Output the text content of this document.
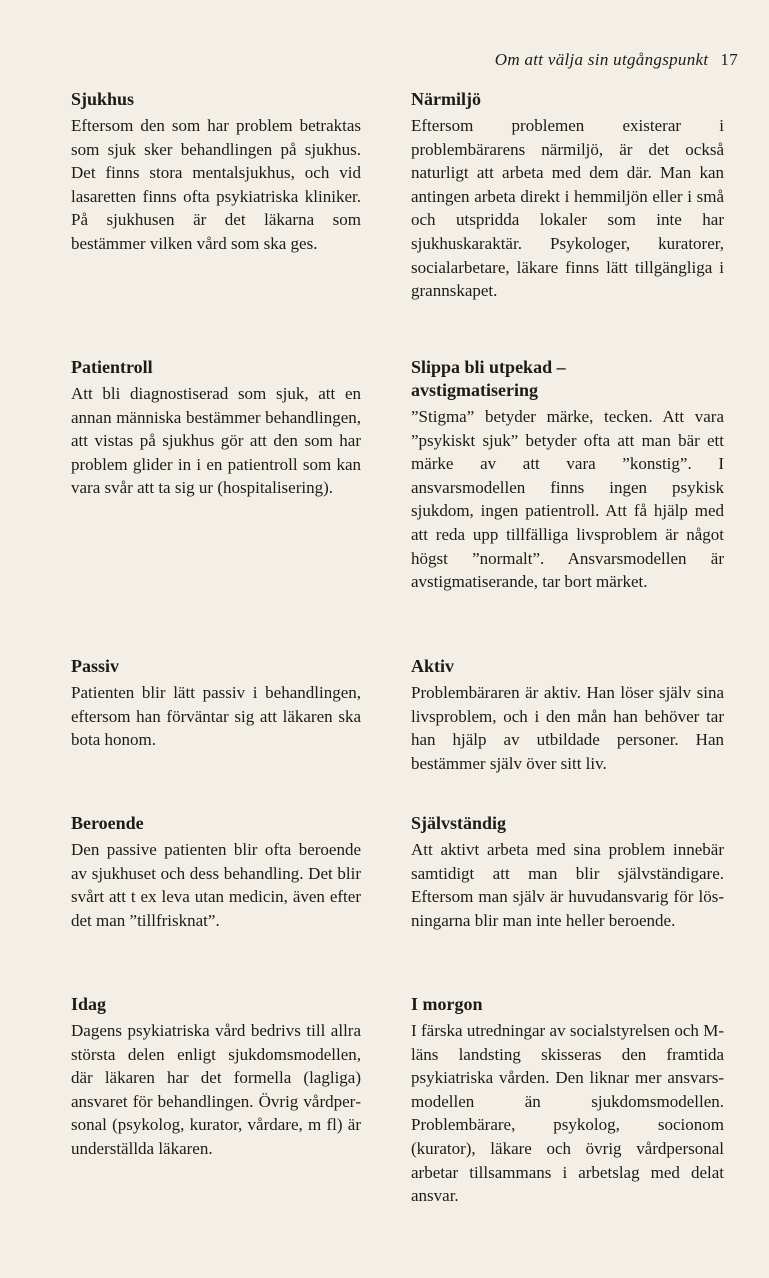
Om att välja sin utgångspunkt 17
Sjukhus

Eftersom den som har problem betraktas som sjuk sker behandlingen på sjukhus. Det finns stora mentalsjukhus, och vid lasaretten finns ofta psykiatriska kliniker. På sjukhusen är det läkarna som bestämmer vilken vård som ska ges.

Patientroll

Att bli diagnostiserad som sjuk, att en annan människa bestämmer behandlingen, att vistas på sjukhus gör att den som har problem glider in i en patientroll som kan vara svår att ta sig ur (hospitalisering).

Passiv

Patienten blir lätt passiv i behandlingen, eftersom han förväntar sig att läkaren ska bota honom.

Beroende

Den passive patienten blir ofta beroende av sjukhuset och dess behandling. Det blir svårt att t ex leva utan medicin, även efter det man ”tillfrisknat”.

Idag

Dagens psykiatriska vård bedrivs till allra största delen enligt sjukdomsmodellen, där läkaren har det formella (lagliga) ansvaret för behandlingen. Övrig vårdpersonal (psykolog, kurator, vårdare, m fl) är underställda läkaren.

Närmiljö

Eftersom problemen existerar i problembärarens närmiljö, är det också naturligt att arbeta med dem där. Man kan antingen arbeta direkt i hemmiljön eller i små och utspridda lokaler som inte har sjukhuskaraktär. Psykologer, kuratorer, socialarbetare, läkare finns lätt tillgängliga i grannskapet.

Slippa bli utpekad – avstigmatisering

”Stigma” betyder märke, tecken. Att vara ”psykiskt sjuk” betyder ofta att man bär ett märke av att vara ”konstig”. I ansvarsmodellen finns ingen psykisk sjukdom, ingen patientroll. Att få hjälp med att reda upp tillfälliga livsproblem är något högst ”normalt”. Ansvarsmodellen är avstigmatiserande, tar bort märket.

Aktiv

Problembäraren är aktiv. Han löser själv sina livsproblem, och i den mån han behöver tar han hjälp av utbildade personer. Han bestämmer själv över sitt liv.

Självständig

Att aktivt arbeta med sina problem innebär samtidigt att man blir självständigare. Eftersom man själv är huvudansvarig för lösningarna blir man inte heller beroende.

I morgon

I färska utredningar av socialstyrelsen och M-läns landsting skisseras den framtida psykiatriska vården. Den liknar mer ansvarsmodellen än sjukdomsmodellen. Problembärare, psykolog, socionom (kurator), läkare och övrig vårdpersonal arbetar tillsammans i arbetslag med delat ansvar.
